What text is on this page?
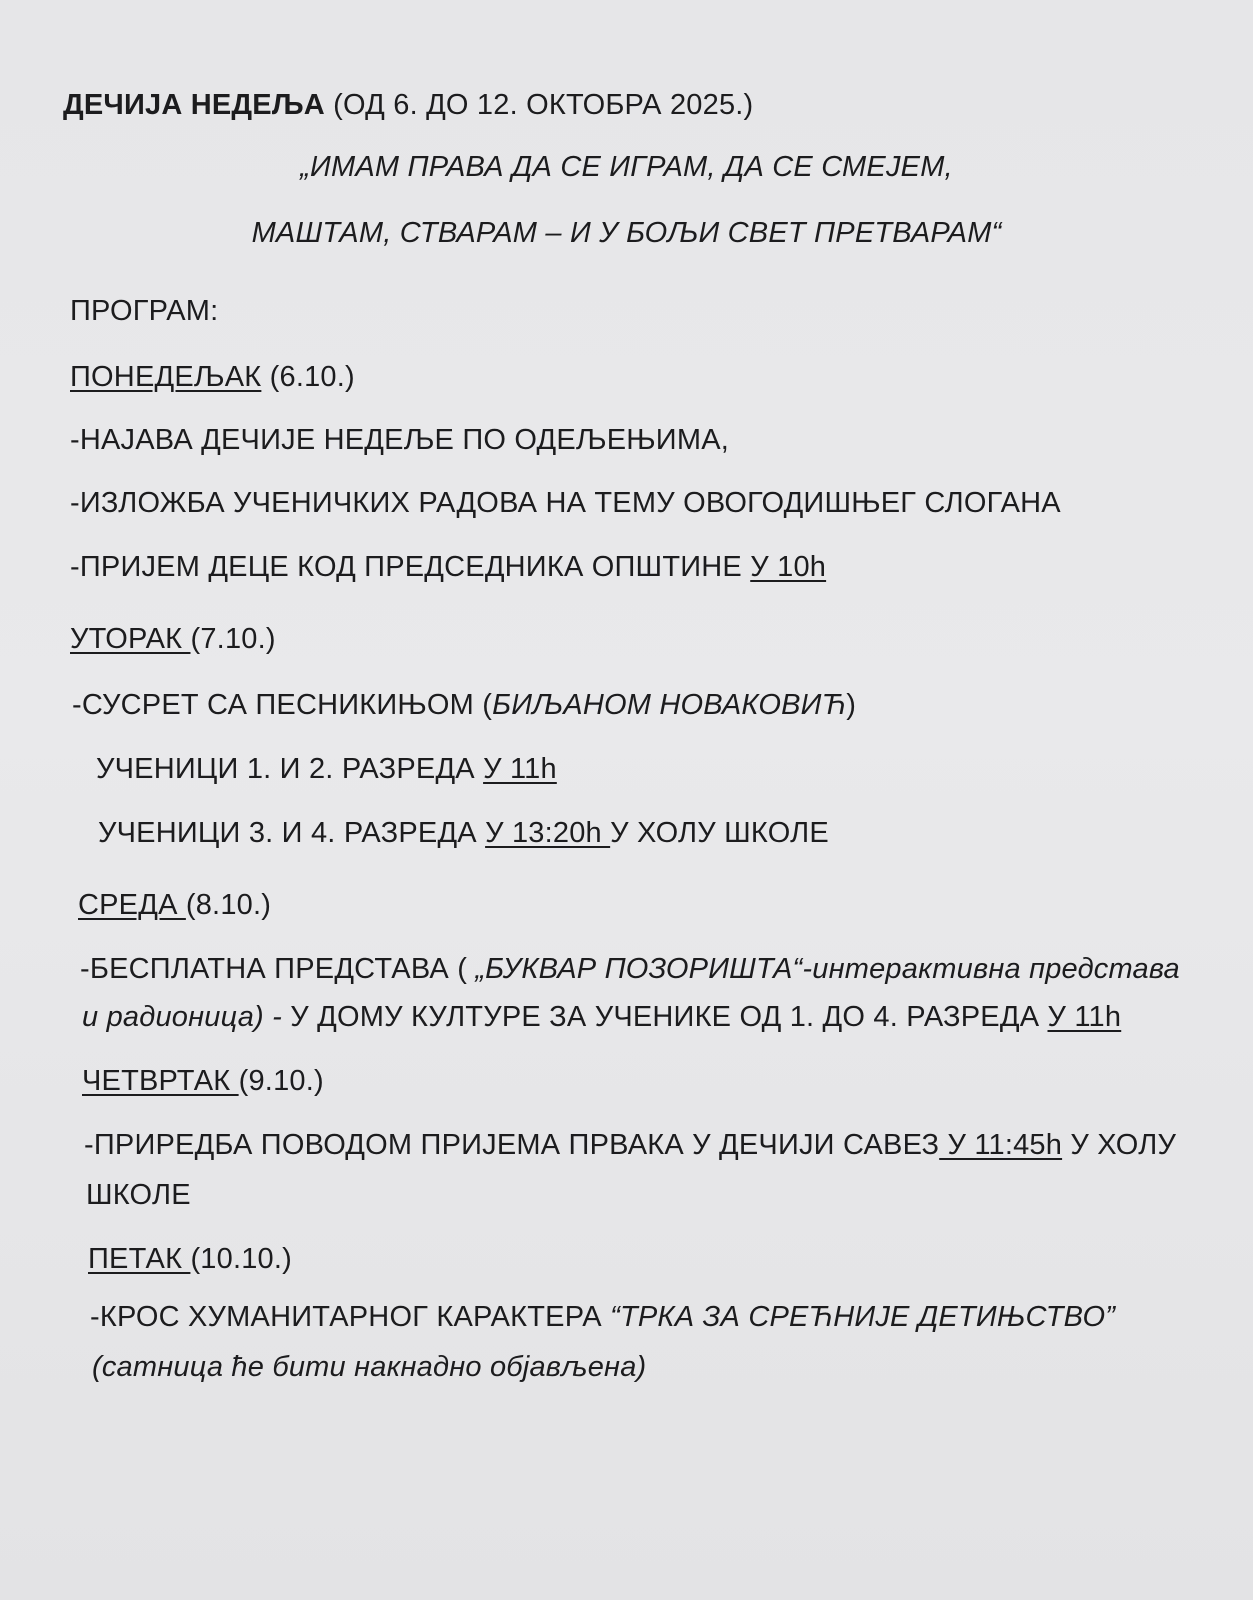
ДЕЧИЈА НЕДЕЉА (ОД 6. ДО 12. ОКТОБРА 2025.)
„ИМАМ ПРАВА ДА СЕ ИГРАМ, ДА СЕ СМЕЈЕМ,
МАШТАМ, СТВАРАМ – И У БОЉИ СВЕТ ПРЕТВАРАМ“
ПРОГРАМ:
ПОНЕДЕЉАК (6.10.)
-НАЈАВА ДЕЧИЈЕ НЕДЕЉЕ ПО ОДЕЉЕЊИМА,
-ИЗЛОЖБА УЧЕНИЧКИХ РАДОВА НА ТЕМУ ОВОГОДИШЊЕГ СЛОГАНА
-ПРИЈЕМ ДЕЦЕ КОД ПРЕДСЕДНИКА ОПШТИНЕ У 10h
УТОРАК (7.10.)
-СУСРЕТ СА ПЕСНИКИЊОМ (БИЉАНОМ НОВАКОВИЋ)
УЧЕНИЦИ 1. И 2. РАЗРЕДА У 11h
УЧЕНИЦИ 3. И 4. РАЗРЕДА У 13:20h У ХОЛУ ШКОЛЕ
СРЕДА (8.10.)
-БЕСПЛАТНА ПРЕДСТАВА ( „БУКВАР ПОЗОРИШТА“-интерактивна представа
и радионица) - У ДОМУ КУЛТУРЕ ЗА УЧЕНИКЕ ОД 1. ДО 4. РАЗРЕДА У 11h
ЧЕТВРТАК (9.10.)
-ПРИРЕДБА ПОВОДОМ ПРИЈЕМА ПРВАКА У ДЕЧИЈИ САВЕЗ У 11:45h У ХОЛУ
ШКОЛЕ
ПЕТАК (10.10.)
-КРОС ХУМАНИТАРНОГ КАРАКТЕРА “ТРКА ЗА СРЕЋНИЈЕ ДЕТИЊСТВО”
(сатница ће бити накнадно објављена)
